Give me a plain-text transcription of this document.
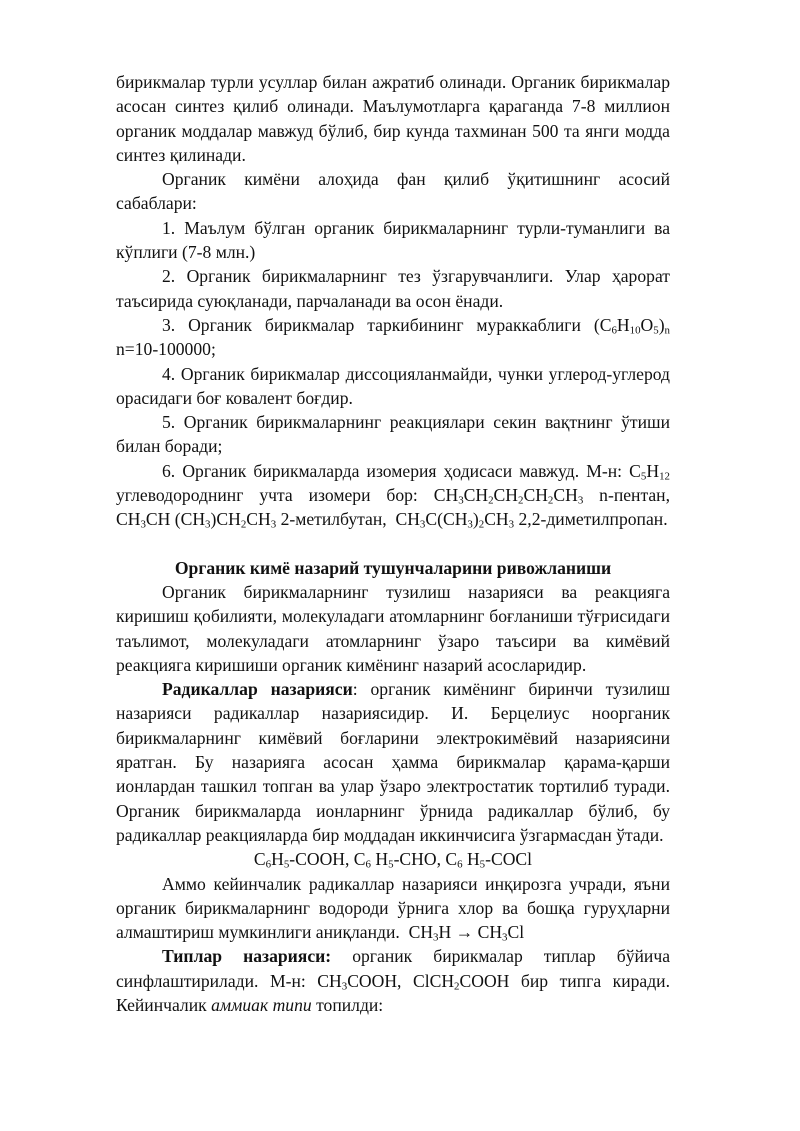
бирикмалар турли усуллар билан ажратиб олинади. Органик бирикмалар асосан синтез қилиб олинади. Маълумотларга қараганда 7-8 миллион органик моддалар мавжуд бўлиб, бир кунда тахминан 500 та янги модда синтез қилинади.

Органик кимёни алоҳида фан қилиб ўқитишнинг асосий сабаблари:

1. Маълум бўлган органик бирикмаларнинг турли-туманлиги ва кўплиги (7-8 млн.)

2. Органик бирикмаларнинг тез ўзгарувчанлиги. Улар ҳарорат таъсирида суюқланади, парчаланади ва осон ёнади.

3. Органик бирикмалар таркибининг мураккаблиги $(C_6H_{10}O_5)_n$ n=10-100000;

4. Органик бирикмалар диссоцияланмайди, чунки углерод-углерод орасидаги боғ ковалент боғдир.

5. Органик бирикмаларнинг реакциялари секин вақтнинг ўтиши билан боради;

6. Органик бирикмаларда изомерия ҳодисаси мавжуд. М-н: $C_5H_{12}$ углеводороднинг учта изомери бор: $CH_3CH_2CH_2CH_2CH_3$ n-пентан, $CH_3CH$ $(CH_3)CH_2CH_3$ 2-метилбутан,  $CH_3C(CH_3)_2CH_3$ 2,2-диметилпропан.

Органик кимё назарий тушунчаларини ривожланиши

Органик бирикмаларнинг тузилиш назарияси ва реакцияга киришиш қобилияти, молекуладаги атомларнинг боғланиши тўғрисидаги таълимот, молекуладаги атомларнинг ўзаро таъсири ва кимёвий реакцияга киришиши органик кимёнинг назарий асосларидир.

Радикаллар назарияси: органик кимёнинг биринчи тузилиш назарияси радикаллар назариясидир. И. Берцелиус ноорганик бирикмаларнинг кимёвий боғларини электрокимёвий назариясини яратган. Бу назарияга асосан ҳамма бирикмалар қарама-қарши ионлардан ташкил топган ва улар ўзаро электростатик тортилиб туради. Органик бирикмаларда ионларнинг ўрнида радикаллар бўлиб, бу радикаллар реакцияларда бир моддадан иккинчисига ўзгармасдан ўтади.

$C_6H_5$-COOH, $C_6$ $H_5$-CHO, $C_6$ $H_5$-COCl

Аммо кейинчалик радикаллар назарияси инқирозга учради, яъни органик бирикмаларнинг водороди ўрнига хлор ва бошқа гуруҳларни алмаштириш мумкинлиги аниқланди.  $CH_3H \to CH_3Cl$

Типлар назарияси: органик бирикмалар типлар бўйича синфлаштирилади. М-н: $CH_3COOH$, ClCH$_2$COOH бир типга киради. Кейинчалик аммиак типи топилди:
